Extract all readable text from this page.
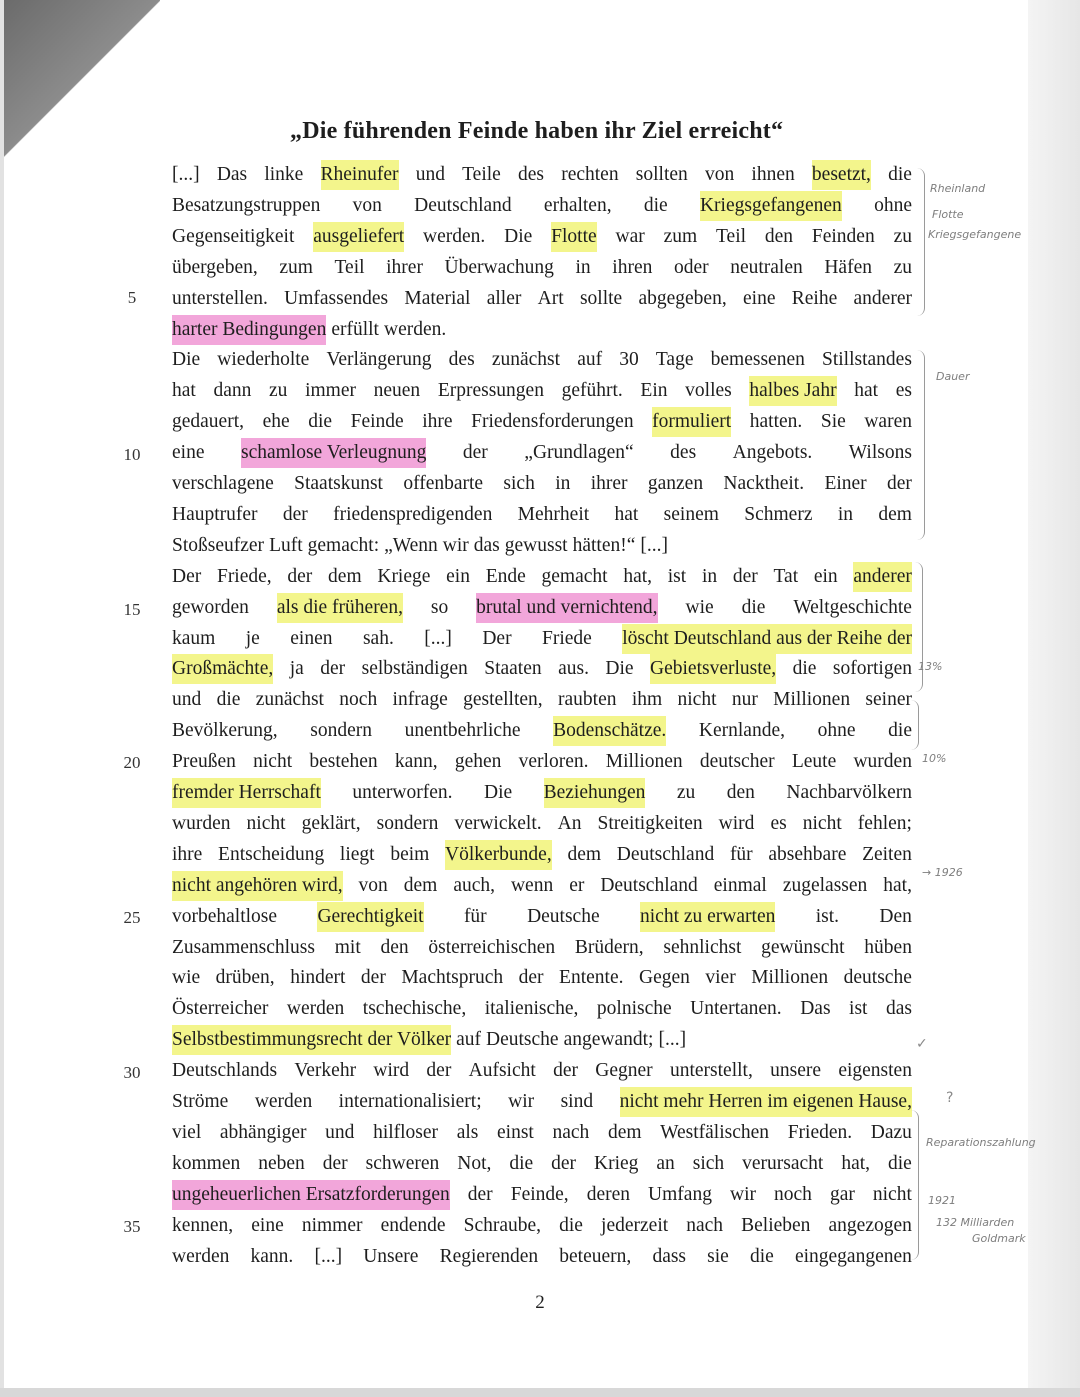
„Die führenden Feinde haben ihr Ziel erreicht“
[...] Das linke Rheinufer und Teile des rechten sollten von ihnen besetzt, die
Besatzungstruppen von Deutschland erhalten, die Kriegsgefangenen ohne
Gegenseitigkeit ausgeliefert werden. Die Flotte war zum Teil den Feinden zu
übergeben, zum Teil ihrer Überwachung in ihren oder neutralen Häfen zu
unterstellen. Umfassendes Material aller Art sollte abgegeben, eine Reihe anderer
harter Bedingungen erfüllt werden.
Die wiederholte Verlängerung des zunächst auf 30 Tage bemessenen Stillstandes
hat dann zu immer neuen Erpressungen geführt. Ein volles halbes Jahr hat es
gedauert, ehe die Feinde ihre Friedensforderungen formuliert hatten. Sie waren
eine schamlose Verleugnung der „Grundlagen“ des Angebots. Wilsons
verschlagene Staatskunst offenbarte sich in ihrer ganzen Nacktheit. Einer der
Hauptrufer der friedenspredigenden Mehrheit hat seinem Schmerz in dem
Stoßseufzer Luft gemacht: „Wenn wir das gewusst hätten!“ [...]
Der Friede, der dem Kriege ein Ende gemacht hat, ist in der Tat ein anderer
geworden als die früheren, so brutal und vernichtend, wie die Weltgeschichte
kaum je einen sah. [...] Der Friede löscht Deutschland aus der Reihe der
Großmächte, ja der selbständigen Staaten aus. Die Gebietsverluste, die sofortigen
und die zunächst noch infrage gestellten, raubten ihm nicht nur Millionen seiner
Bevölkerung, sondern unentbehrliche Bodenschätze. Kernlande, ohne die
Preußen nicht bestehen kann, gehen verloren. Millionen deutscher Leute wurden
fremder Herrschaft unterworfen. Die Beziehungen zu den Nachbarvölkern
wurden nicht geklärt, sondern verwickelt. An Streitigkeiten wird es nicht fehlen;
ihre Entscheidung liegt beim Völkerbunde, dem Deutschland für absehbare Zeiten
nicht angehören wird, von dem auch, wenn er Deutschland einmal zugelassen hat,
vorbehaltlose Gerechtigkeit für Deutsche nicht zu erwarten ist. Den
Zusammenschluss mit den österreichischen Brüdern, sehnlichst gewünscht hüben
wie drüben, hindert der Machtspruch der Entente. Gegen vier Millionen deutsche
Österreicher werden tschechische, italienische, polnische Untertanen. Das ist das
Selbstbestimmungsrecht der Völker auf Deutsche angewandt; [...]
Deutschlands Verkehr wird der Aufsicht der Gegner unterstellt, unsere eigensten
Ströme werden internationalisiert; wir sind nicht mehr Herren im eigenen Hause,
viel abhängiger und hilfloser als einst nach dem Westfälischen Frieden. Dazu
kommen neben der schweren Not, die der Krieg an sich verursacht hat, die
ungeheuerlichen Ersatzforderungen der Feinde, deren Umfang wir noch gar nicht
kennen, eine nimmer endende Schraube, die jederzeit nach Belieben angezogen
werden kann. [...] Unsere Regierenden beteuern, dass sie die eingegangenen
5
10
15
20
25
30
35
2
Rheinland
Flotte
Kriegsgefangene
Dauer
13%
10%
→ 1926
✓
?
Reparationszahlung
1921
132 Milliarden
Goldmark
